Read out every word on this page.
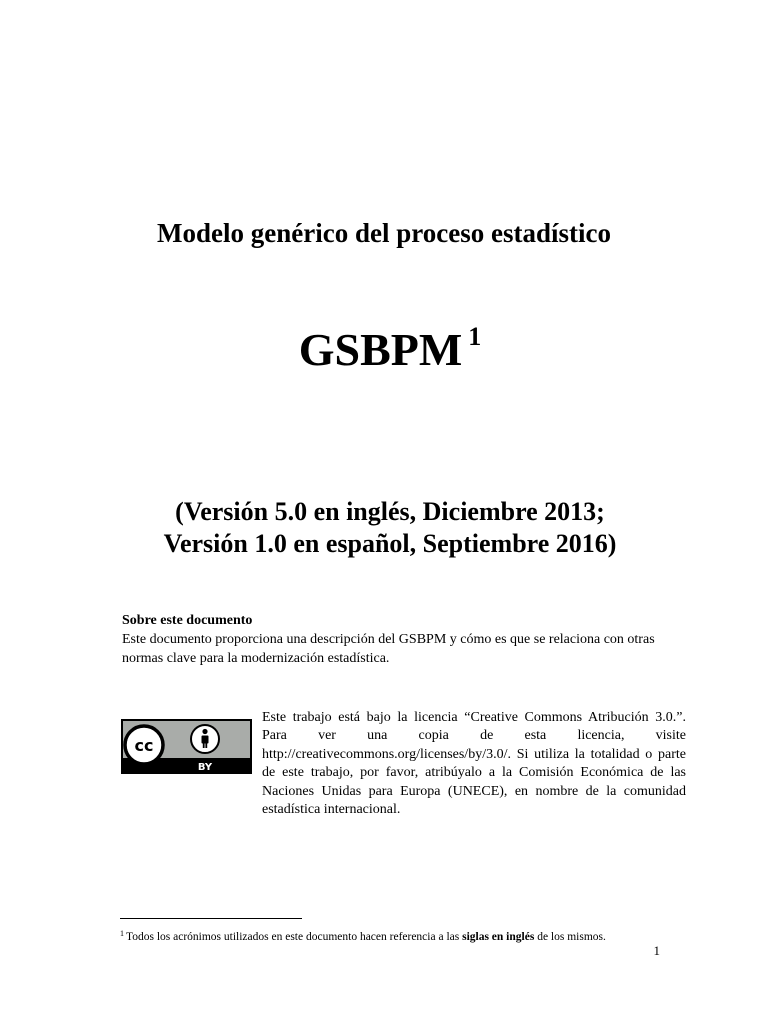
Modelo genérico del proceso estadístico
GSBPM $^1$
(Versión 5.0 en inglés, Diciembre 2013;
Versión 1.0 en español, Septiembre 2016)

Sobre este documento

Este documento proporciona una descripción del GSBPM y cómo es que se relaciona con otras normas clave para la modernización estadística.

cc
BY

Este trabajo está bajo la licencia “Creative Commons Atribución 3.0.”. Para ver una copia de esta licencia, visite http://creativecommons.org/licenses/by/3.0/. Si utiliza la totalidad o parte de este trabajo, por favor, atribúyalo a la Comisión Económica de las Naciones Unidas para Europa (UNECE), en nombre de la comunidad estadística internacional.

$^1$ Todos los acrónimos utilizados en este documento hacen referencia a las siglas en inglés de los mismos.

1
